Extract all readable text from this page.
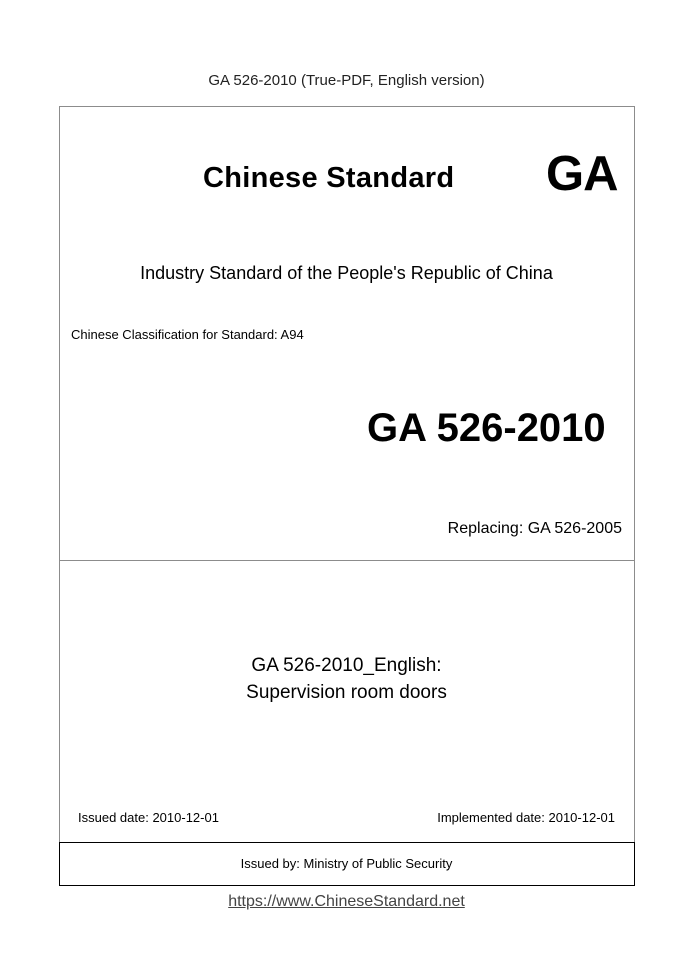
GA 526-2010 (True-PDF, English version)
Chinese Standard GA
Industry Standard of the People's Republic of China
Chinese Classification for Standard: A94
GA 526-2010
Replacing: GA 526-2005
GA 526-2010_English:
Supervision room doors
Issued date: 2010-12-01	Implemented date: 2010-12-01
Issued by: Ministry of Public Security
https://www.ChineseStandard.net
